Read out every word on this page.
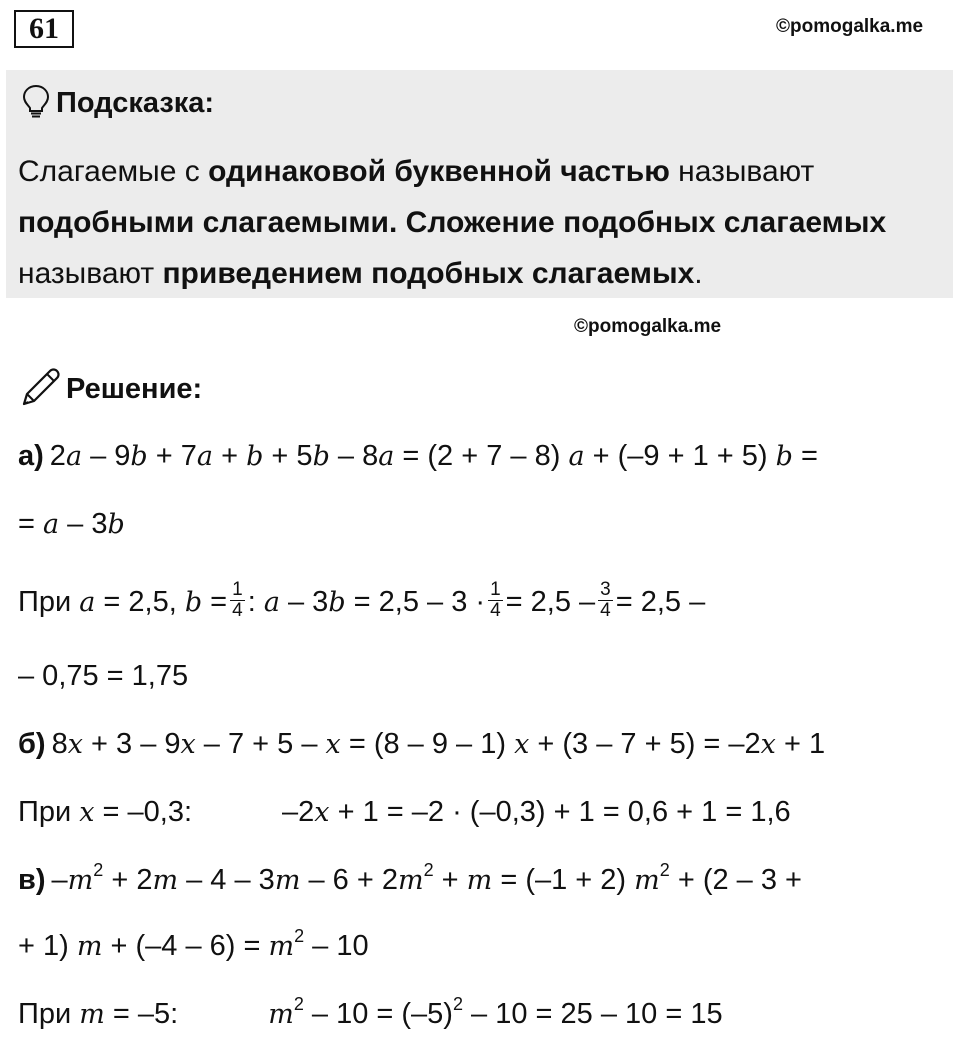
61	©pomogalka.me
Подсказка:
Слагаемые с одинаковой буквенной частью называют подобными слагаемыми. Сложение подобных слагаемых называют приведением подобных слагаемых.
©pomogalka.me
Решение:
а) 2a – 9b + 7a + b + 5b – 8a = (2 + 7 – 8) a + (–9 + 1 + 5) b =
= a – 3b
При a = 2,5, $b = \frac{1}{4}$ : $a - 3b = 2,5 - 3 \cdot \frac{1}{4} = 2,5 - \frac{3}{4} = 2,5$ –
– 0,75 = 1,75
б) 8x + 3 – 9x – 7 + 5 – x = (8 – 9 – 1) x + (3 – 7 + 5) = –2x + 1
При x = –0,3:	–2x + 1 = –2 · (–0,3) + 1 = 0,6 + 1 = 1,6
в) $-m^2 + 2m - 4 - 3m - 6 + 2m^2 + m = (-1 + 2) m^2 + (2 - 3$ +
+ 1) $m + (-4 - 6) = m^2 - 10$
При m = –5:	$m^2 - 10 = (-5)^2 - 10 = 25 - 10 = 15$
